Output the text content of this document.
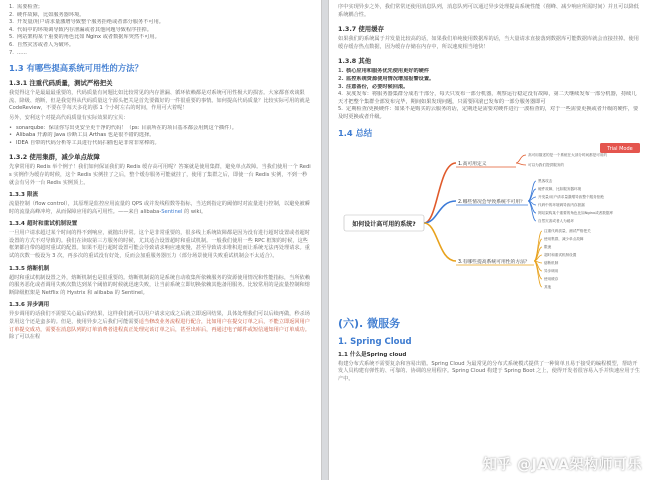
1. 需要检查；
2. 硬件故障，比如服务器环境。
3. 开发量/用户请求量激增导致整个服务拒绝或者部分服务不可用。
4. 代码中的环境调导致内存泄漏或者其他问题导致程序挂掉。
5. 网站架构某个重要的角色比如 Nginx 或者数据库突然不可用。
6. 自然灾害或者人为破坏。
7. ......
1.3 有哪些提高系统可用性的方法？
1.3.1 注重代码质量，测试严格把关

我觉得这个是最最最重要的，代码质量有问题比如比较常见的内存泄漏、循环依赖都是对系统可用性极大的损害。大家都喜欢谈限流、降级、熔断，但是我觉得从代码质量这个源头把关是首先要做好的一件很重要的事情。如何提高代码质量？比较实际可用的就是 CodeReview，不要在乎每天多花的那 1 个小时左右的时间，作用可大着呢！

另外，安利这个对提高代码质量有实际效果的宝贝：

• sonarqube：保证你写出更安全更干净的代码！（ps: 目前所在的项目基本都会用到这个插件）。
• Alibaba 开源的 Java 诊断工具 Arthas 也是很不错的选择。
• IDEA 自带的代码分析等工具进行代码扫描也是非常非常棒的。
1.3.2 使用集群，减少单点故障

先拿常用的 Redis 举个例子！我们如何保证我们的 Redis 缓存高可用呢？答案就是使用集群，避免单点故障。当我们使用一个 Redis 实例作为缓存的时候，这个 Redis 实例挂了之后，整个缓存服务可能就挂了，使用了集群之后，即使一台 Redis 实例，不到一秒就会有另外一台 Redis 实例顶上。

1.3.3 限流

流量控制（flow control），其原理是监控应用流量的 QPS 或并发线程数等指标，当达到指定的阈值时对流量进行控制，以避免被瞬时的流量高峰冲垮，从而保障应用的高可用性。——来自 alibaba-Sentinel 的 wiki。

1.3.4 超时和重试机制设置

一旦用户请求超过某个时间的得不到响应，就抛出异常。这个是非常重要的，很多线上系统故障都是因为没有进行超时设置或者超时设置的方式不对导致的。我们在读取第三方服务的时候，尤其适合设置超时和重试机制。一般我们使用一些 RPC 框架的时候，这些框架都自带的超时重试的配置。如果不进行超时设置可能会导致请求响应速度慢，甚至导致请求堆积进而让系统无法再处理请求。重试的次数一般设为 3 次，再多次的重试没有好处，反而会加重服务器压力（部分场景使用失败重试机制会不太适合）。

1.3.5 熔断机制

超时和重试机制设置之外，熔断机制也是很重要的。熔断机制说的是系统自动收集所依赖服务的资源使用情况和性能指标，当所依赖的服务恶化或者调用失败次数达到某个阈值的时候就迅速失败，让当前系统立即切换依赖其他备用服务。比较常用的是流量控制和熔断降级框架是 Netflix 的 Hystrix 和 alibaba 的 Sentinel。

1.3.6 异步调用

异步调用的话我们不需要关心最后的结果，这样我们就可以用户请求完成之后就立即返回结果，具体处理我们可以后续再做，秒杀场景用这个还是蛮多的。但是，使用异步之后我们可能需要适当修改业务流程进行配合，比如用户在提交订单之后，不能立即返回用户订单提交成功，需要在消息队列的订单消费者进程真正处理完该订单之后，甚至出库后，再通过电子邮件或短信通知用户订单成功。除了可以在程

序中实现异步之外，我们常常还使用消息队列，消息队列可以通过异步处理提高系统性能（削峰、减少响应所需时间）并且可以降低系统耦合性。

1.3.7 使用缓存

如果我们的系统属于并发量比较高的话，如果我们单纯使用数据库的话，当大量请求直接落到数据库可能数据库就会直接挂掉。使用缓存缓存热点数据，因为缓存存储在内存中，所以速度相当地快！

1.3.8 其他
1. 核心应用和服务优先使用更好的硬件
2. 监控系统资源使用情况增加报警设置。
3. 注意备份，必要时候回滚。
4. 灰度发布：将服务器集群分成若干部分，每天只发布一部分机器，观察运行稳定没有故障，第二天继续发布一部分机器，持续几天才把整个集群全部发布完毕，期间如果发现问题，只需要回滚已发布的一部分服务器即可
5. 定期检查/更换硬件：如果不是购买的云服务的话，定期还是需要对硬件进行一波检查的，对于一些需要更换或者升级的硬件，要及时更换或者升级。
1.4 总结
如何设计高可用的系统?
1.高可用定义
2.哪些情况会导致系统不可用？
3.有哪些提高系统可用性的方法？
高可用描述的是一个系统在大部分时间都是可用的
可以为我们提供服务的
黑客攻击
硬件故障，比如服务器环境
开发量/用户请求量激增导致整个服务拒绝
代码中的环境调导致内存泄漏
网站架构某个重要的角色比如Nginx或者数据库
自然灾害或者人为破坏
注重代码质量，测试严格把关
使用集群，减少单点故障
限流
超时和重试机制设置
熔断机制
异步调用
使用缓存
其他
Trial Mode
(六). 微服务
1. Spring Cloud
1.1 什么是Spring cloud

构建分布式系统不需要复杂和容易出错。Spring Cloud 为最常见的分布式系统模式提供了一种简单且易于接受的编程模型，帮助开发人员构建有弹性的、可靠的、协调的应用程序。Spring Cloud 构建于 Spring Boot 之上，使得开发者很容易入手并快速应用于生产中。

知乎 @JAVA架构师可乐
